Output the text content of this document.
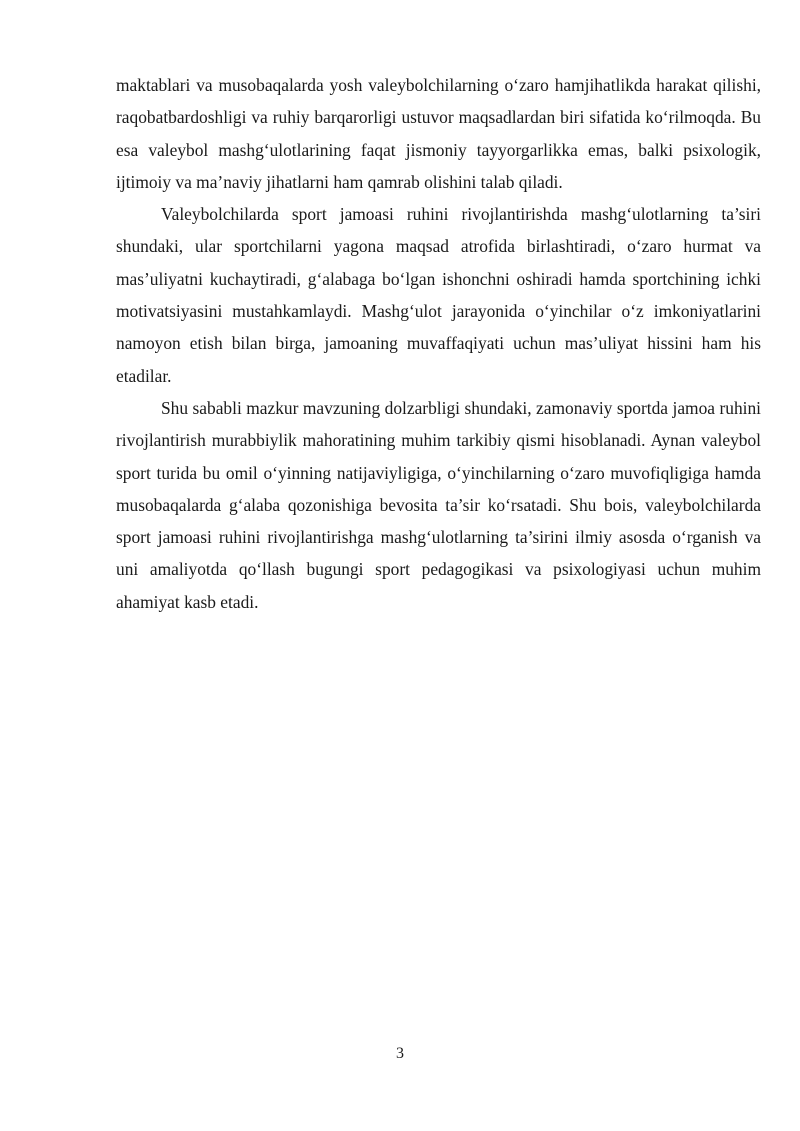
maktablari va musobaqalarda yosh valeybolchilarning o‘zaro hamjihatlikda harakat qilishi, raqobatbardoshligi va ruhiy barqarorligi ustuvor maqsadlardan biri sifatida ko‘rilmoqda. Bu esa valeybol mashg‘ulotlarining faqat jismoniy tayyorgarlikka emas, balki psixologik, ijtimoiy va ma’naviy jihatlarni ham qamrab olishini talab qiladi.

Valeybolchilarda sport jamoasi ruhini rivojlantirishda mashg‘ulotlarning ta’siri shundaki, ular sportchilarni yagona maqsad atrofida birlashtiradi, o‘zaro hurmat va mas’uliyatni kuchaytiradi, g‘alabaga bo‘lgan ishonchni oshiradi hamda sportchining ichki motivatsiyasini mustahkamlaydi. Mashg‘ulot jarayonida o‘yinchilar o‘z imkoniyatlarini namoyon etish bilan birga, jamoaning muvaffaqiyati uchun mas’uliyat hissini ham his etadilar.

Shu sababli mazkur mavzuning dolzarbligi shundaki, zamonaviy sportda jamoa ruhini rivojlantirish murabbiylik mahoratining muhim tarkibiy qismi hisoblanadi. Aynan valeybol sport turida bu omil o‘yinning natijaviyligiga, o‘yinchilarning o‘zaro muvofiqligiga hamda musobaqalarda g‘alaba qozonishiga bevosita ta’sir ko‘rsatadi. Shu bois, valeybolchilarda sport jamoasi ruhini rivojlantirishga mashg‘ulotlarning ta’sirini ilmiy asosda o‘rganish va uni amaliyotda qo‘llash bugungi sport pedagogikasi va psixologiyasi uchun muhim ahamiyat kasb etadi.

3
